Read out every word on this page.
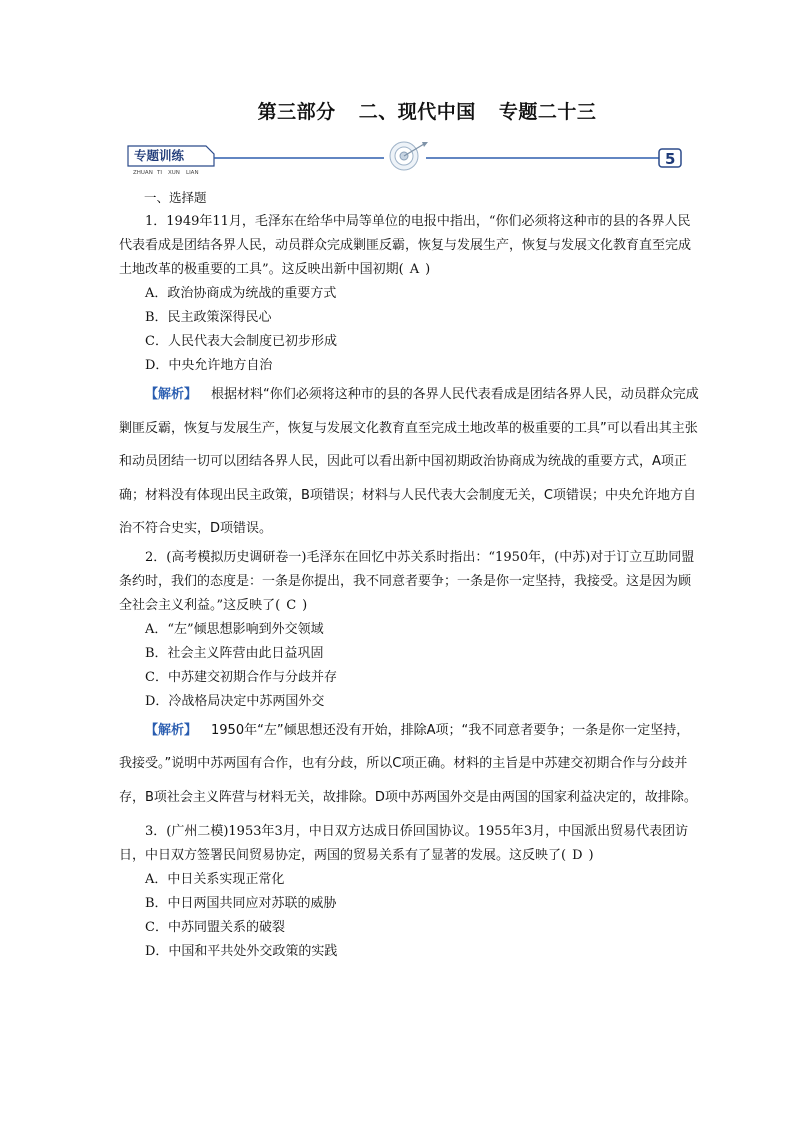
第三部分 二、现代中国 专题二十三
专题训练
ZHUAN TI XUN LIAN
5

一、选择题

1．1949年11月，毛泽东在给华中局等单位的电报中指出，“你们必须将这种市的县的各界人民代表看成是团结各界人民，动员群众完成剿匪反霸，恢复与发展生产，恢复与发展文化教育直至完成土地改革的极重要的工具”。这反映出新中国初期( A )

A．政治协商成为统战的重要方式

B．民主政策深得民心

C．人民代表大会制度已初步形成

D．中央允许地方自治

【解析】 根据材料“你们必须将这种市的县的各界人民代表看成是团结各界人民，动员群众完成剿匪反霸，恢复与发展生产，恢复与发展文化教育直至完成土地改革的极重要的工具”可以看出其主张和动员团结一切可以团结各界人民，因此可以看出新中国初期政治协商成为统战的重要方式，A项正确；材料没有体现出民主政策，B项错误；材料与人民代表大会制度无关，C项错误；中央允许地方自治不符合史实，D项错误。

2．(高考模拟历史调研卷一)毛泽东在回忆中苏关系时指出：“1950年，(中苏)对于订立互助同盟条约时，我们的态度是：一条是你提出，我不同意者要争；一条是你一定坚持，我接受。这是因为顾全社会主义利益。”这反映了( C )

A．“左”倾思想影响到外交领域

B．社会主义阵营由此日益巩固

C．中苏建交初期合作与分歧并存

D．冷战格局决定中苏两国外交

【解析】 1950年“左”倾思想还没有开始，排除A项；“我不同意者要争；一条是你一定坚持，我接受。”说明中苏两国有合作，也有分歧，所以C项正确。材料的主旨是中苏建交初期合作与分歧并存，B项社会主义阵营与材料无关，故排除。D项中苏两国外交是由两国的国家利益决定的，故排除。

3．(广州二模)1953年3月，中日双方达成日侨回国协议。1955年3月，中国派出贸易代表团访日，中日双方签署民间贸易协定，两国的贸易关系有了显著的发展。这反映了( D )

A．中日关系实现正常化

B．中日两国共同应对苏联的威胁

C．中苏同盟关系的破裂

D．中国和平共处外交政策的实践
